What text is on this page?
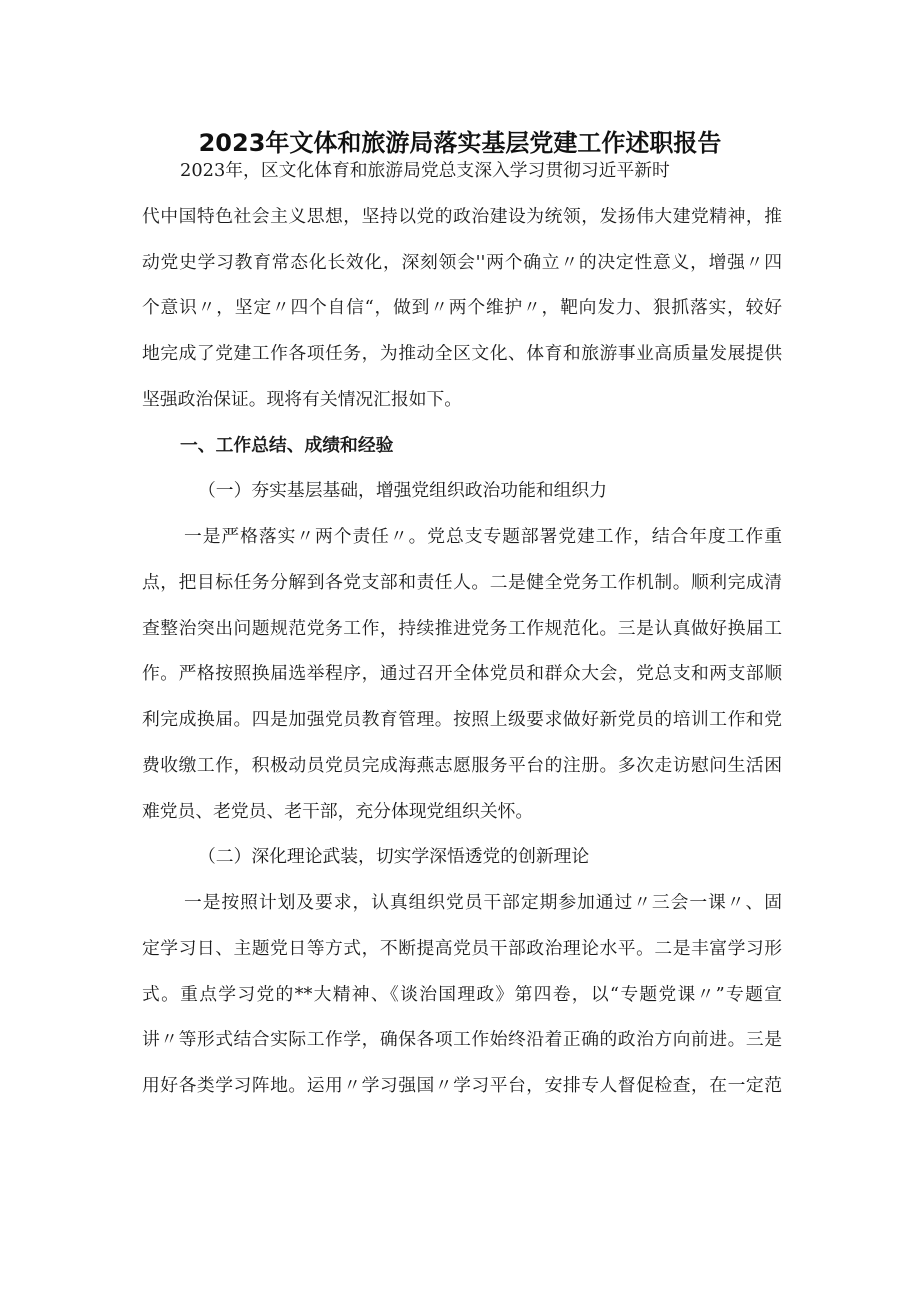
2023年文体和旅游局落实基层党建工作述职报告
2023年，区文化体育和旅游局党总支深入学习贯彻习近平新时
代中国特色社会主义思想，坚持以党的政治建设为统领，发扬伟大建党精神，推
动党史学习教育常态化长效化，深刻领会''两个确立〃的决定性意义，增强〃四
个意识〃，坚定〃四个自信“，做到〃两个维护〃，靶向发力、狠抓落实，较好
地完成了党建工作各项任务，为推动全区文化、体育和旅游事业高质量发展提供
坚强政治保证。现将有关情况汇报如下。
一、工作总结、成绩和经验
（一）夯实基层基础，增强党组织政治功能和组织力
一是严格落实〃两个责任〃。党总支专题部署党建工作，结合年度工作重
点，把目标任务分解到各党支部和责任人。二是健全党务工作机制。顺利完成清
查整治突出问题规范党务工作，持续推进党务工作规范化。三是认真做好换届工
作。严格按照换届选举程序，通过召开全体党员和群众大会，党总支和两支部顺
利完成换届。四是加强党员教育管理。按照上级要求做好新党员的培训工作和党
费收缴工作，积极动员党员完成海燕志愿服务平台的注册。多次走访慰问生活困
难党员、老党员、老干部，充分体现党组织关怀。
（二）深化理论武装，切实学深悟透党的创新理论
一是按照计划及要求，认真组织党员干部定期参加通过〃三会一课〃、固
定学习日、主题党日等方式，不断提高党员干部政治理论水平。二是丰富学习形
式。重点学习党的**大精神、《谈治国理政》第四卷，以“专题党课〃”专题宣
讲〃等形式结合实际工作学，确保各项工作始终沿着正确的政治方向前进。三是
用好各类学习阵地。运用〃学习强国〃学习平台，安排专人督促检查，在一定范
